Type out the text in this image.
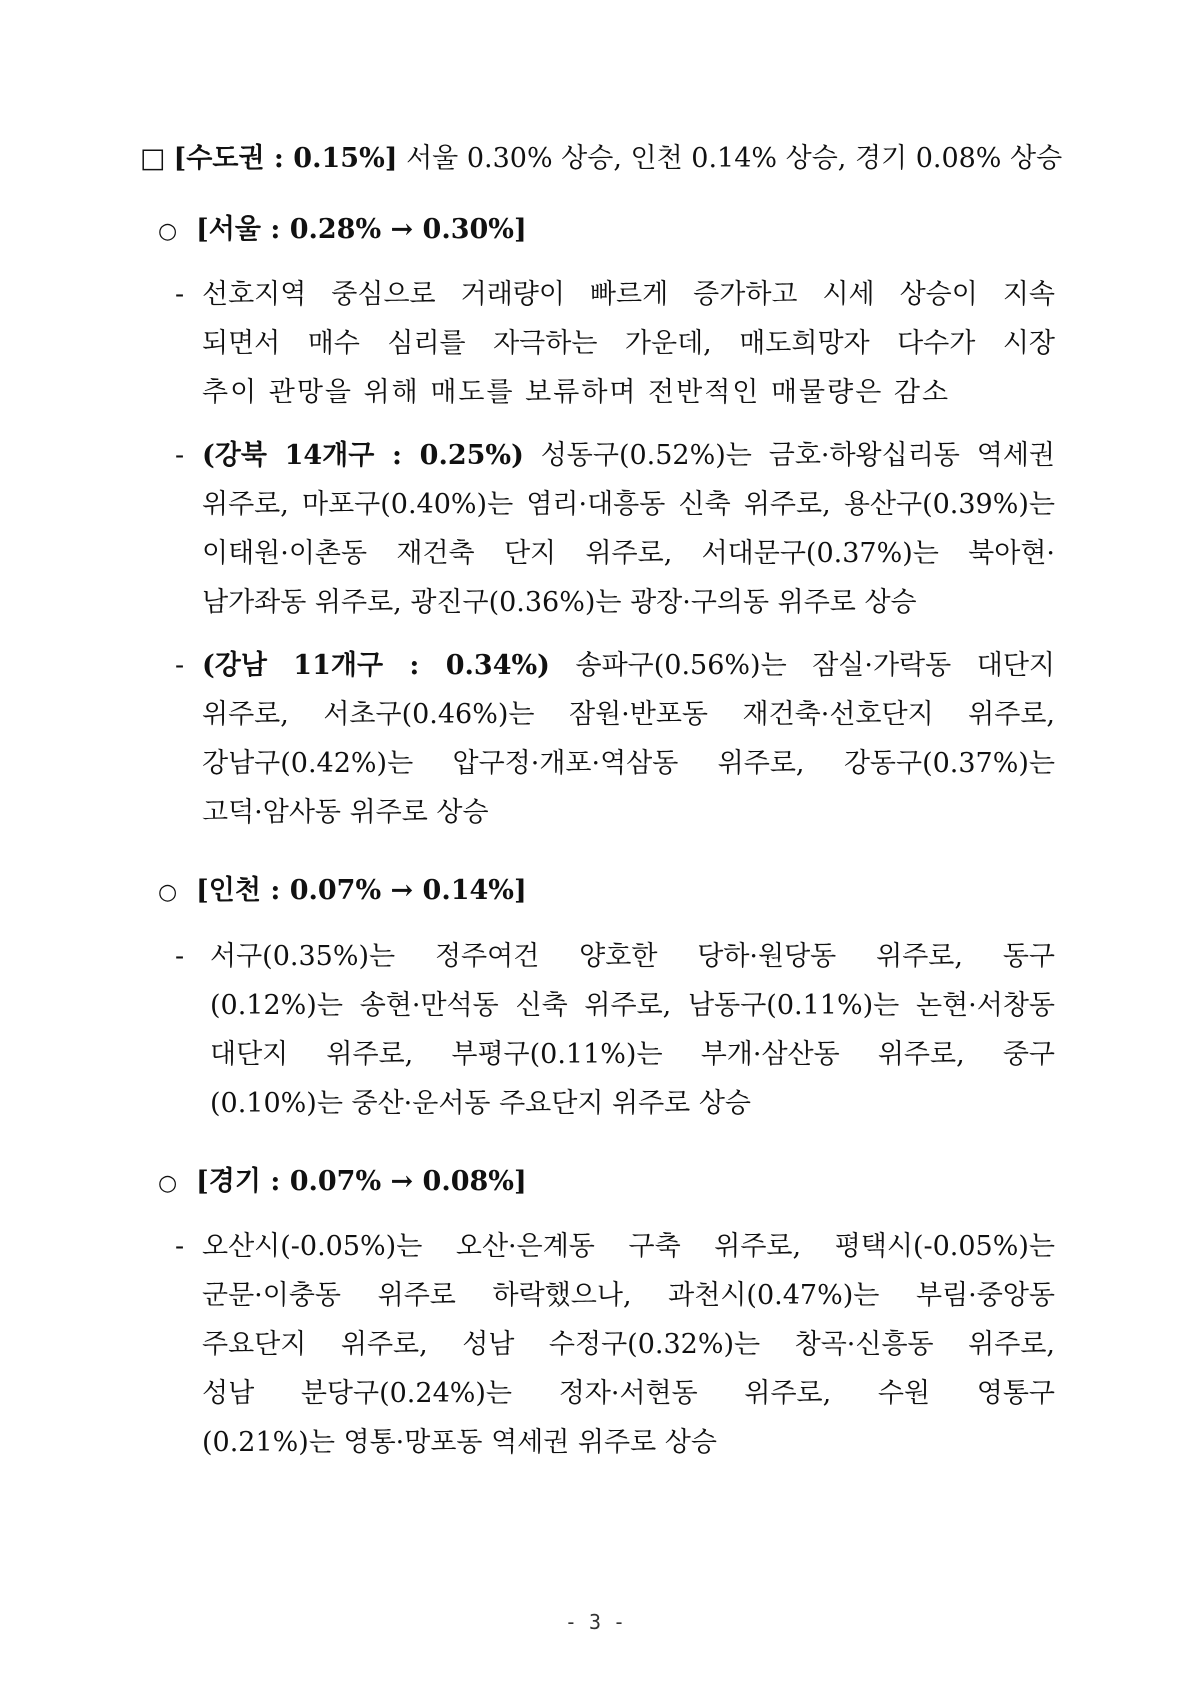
□ [수도권 : 0.15%] 서울 0.30% 상승, 인천 0.14% 상승, 경기 0.08% 상승
○ [서울 : 0.28% → 0.30%]
- 선호지역 중심으로 거래량이 빠르게 증가하고 시세 상승이 지속
되면서 매수 심리를 자극하는 가운데, 매도희망자 다수가 시장
추이 관망을 위해 매도를 보류하며 전반적인 매물량은 감소
- (강북 14개구 : 0.25%) 성동구(0.52%)는 금호·하왕십리동 역세권
위주로, 마포구(0.40%)는 염리·대흥동 신축 위주로, 용산구(0.39%)는
이태원·이촌동 재건축 단지 위주로, 서대문구(0.37%)는 북아현·
남가좌동 위주로, 광진구(0.36%)는 광장·구의동 위주로 상승
- (강남 11개구 : 0.34%) 송파구(0.56%)는 잠실·가락동 대단지
위주로, 서초구(0.46%)는 잠원·반포동 재건축·선호단지 위주로,
강남구(0.42%)는 압구정·개포·역삼동 위주로, 강동구(0.37%)는
고덕·암사동 위주로 상승
○ [인천 : 0.07% → 0.14%]
- 서구(0.35%)는 정주여건 양호한 당하·원당동 위주로, 동구
(0.12%)는 송현·만석동 신축 위주로, 남동구(0.11%)는 논현·서창동
대단지 위주로, 부평구(0.11%)는 부개·삼산동 위주로, 중구
(0.10%)는 중산·운서동 주요단지 위주로 상승
○ [경기 : 0.07% → 0.08%]
- 오산시(-0.05%)는 오산·은계동 구축 위주로, 평택시(-0.05%)는
군문·이충동 위주로 하락했으나, 과천시(0.47%)는 부림·중앙동
주요단지 위주로, 성남 수정구(0.32%)는 창곡·신흥동 위주로,
성남 분당구(0.24%)는 정자·서현동 위주로, 수원 영통구
(0.21%)는 영통·망포동 역세권 위주로 상승
- 3 -
